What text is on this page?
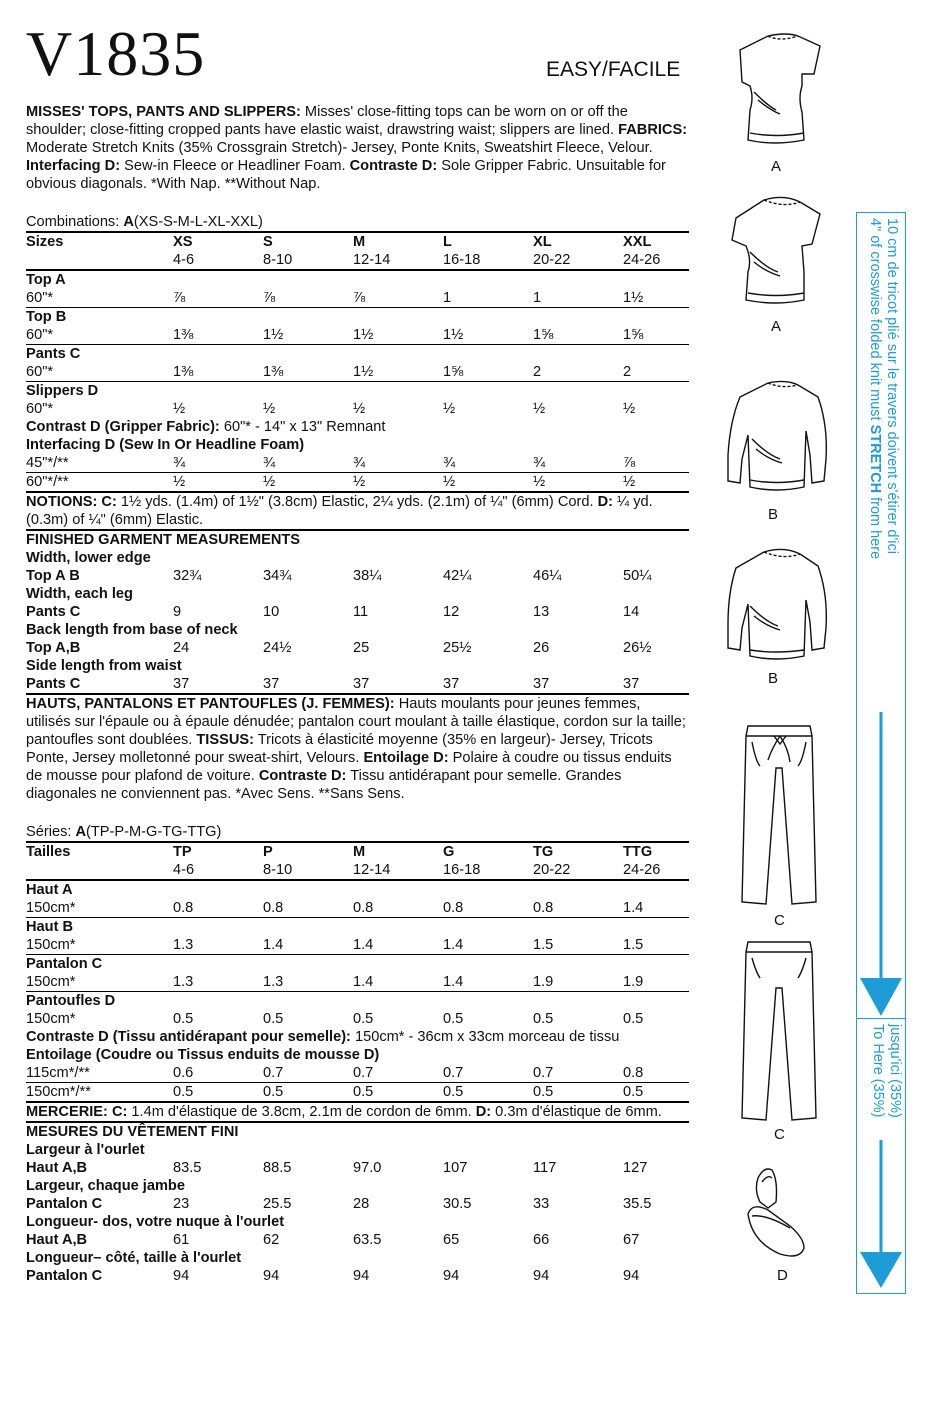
V1835	EASY/FACILE

MISSES' TOPS, PANTS AND SLIPPERS: Misses' close-fitting tops can be worn on or off the shoulder; close-fitting cropped pants have elastic waist, drawstring waist; slippers are lined. FABRICS: Moderate Stretch Knits (35% Crossgrain Stretch)- Jersey, Ponte Knits, Sweatshirt Fleece, Velour. Interfacing D: Sew-in Fleece or Headliner Foam. Contraste D: Sole Gripper Fabric. Unsuitable for obvious diagonals. *With Nap. **Without Nap.

Combinations: A(XS-S-M-L-XL-XXL)
Sizes	XS	S	M	L	XL	XXL
	4-6	8-10	12-14	16-18	20-22	24-26
Top A						
60"*	⅞	⅞	⅞	1	1	1½
Top B						
60"*	1⅜	1½	1½	1½	1⅝	1⅝
Pants C						
60"*	1⅜	1⅜	1½	1⅝	2	2
Slippers D						
60"*	½	½	½	½	½	½
Contrast D (Gripper Fabric): 60"* - 14" x 13" Remnant						
Interfacing D (Sew In Or Headline Foam)						
45"*/**	¾	¾	¾	¾	¾	⅞
60"*/**	½	½	½	½	½	½
NOTIONS: C: 1½ yds. (1.4m) of 1½" (3.8cm) Elastic, 2¼ yds. (2.1m) of ¼" (6mm) Cord. D: ¼ yd. (0.3m) of ¼" (6mm) Elastic.						
FINISHED GARMENT MEASUREMENTS						
Width, lower edge						
Top A B	32¾	34¾	38¼	42¼	46¼	50¼
Width, each leg						
Pants C	9	10	11	12	13	14
Back length from base of neck						
Top A,B	24	24½	25	25½	26	26½
Side length from waist						
Pants C	37	37	37	37	37	37

HAUTS, PANTALONS ET PANTOUFLES (J. FEMMES): Hauts moulants pour jeunes femmes, utilisés sur l'épaule ou à épaule dénudée; pantalon court moulant à taille élastique, cordon sur la taille; pantoufles sont doublées. TISSUS: Tricots à élasticité moyenne (35% en largeur)- Jersey, Tricots Ponte, Jersey molletonné pour sweat-shirt, Velours. Entoilage D: Polaire à coudre ou tissus enduits de mousse pour plafond de voiture. Contraste D: Tissu antidérapant pour semelle. Grandes diagonales ne conviennent pas. *Avec Sens. **Sans Sens.

Séries: A(TP-P-M-G-TG-TTG)
Tailles	TP	P	M	G	TG	TTG
	4-6	8-10	12-14	16-18	20-22	24-26
Haut A						
150cm*	0.8	0.8	0.8	0.8	0.8	1.4
Haut B						
150cm*	1.3	1.4	1.4	1.4	1.5	1.5
Pantalon C						
150cm*	1.3	1.3	1.4	1.4	1.9	1.9
Pantoufles D						
150cm*	0.5	0.5	0.5	0.5	0.5	0.5
Contraste D (Tissu antidérapant pour semelle): 150cm* - 36cm x 33cm morceau de tissu						
Entoilage (Coudre ou Tissus enduits de mousse D)						
115cm*/**	0.6	0.7	0.7	0.7	0.7	0.8
150cm*/**	0.5	0.5	0.5	0.5	0.5	0.5
MERCERIE: C: 1.4m d'élastique de 3.8cm, 2.1m de cordon de 6mm. D: 0.3m d'élastique de 6mm.						
MESURES DU VÊTEMENT FINI						
Largeur à l'ourlet						
Haut A,B	83.5	88.5	97.0	107	117	127
Largeur, chaque jambe						
Pantalon C	23	25.5	28	30.5	33	35.5
Longueur- dos, votre nuque à l'ourlet						
Haut A,B	61	62	63.5	65	66	67
Longueur– côté, taille à l'ourlet						
Pantalon C	94	94	94	94	94	94
A
A
B
B
C
C
D
4" of crosswise folded knit must STRETCH from here 10 cm de tricot plié sur le travers doivent s'étirer d'ici
To Here (35%) jusqu'ici (35%)
